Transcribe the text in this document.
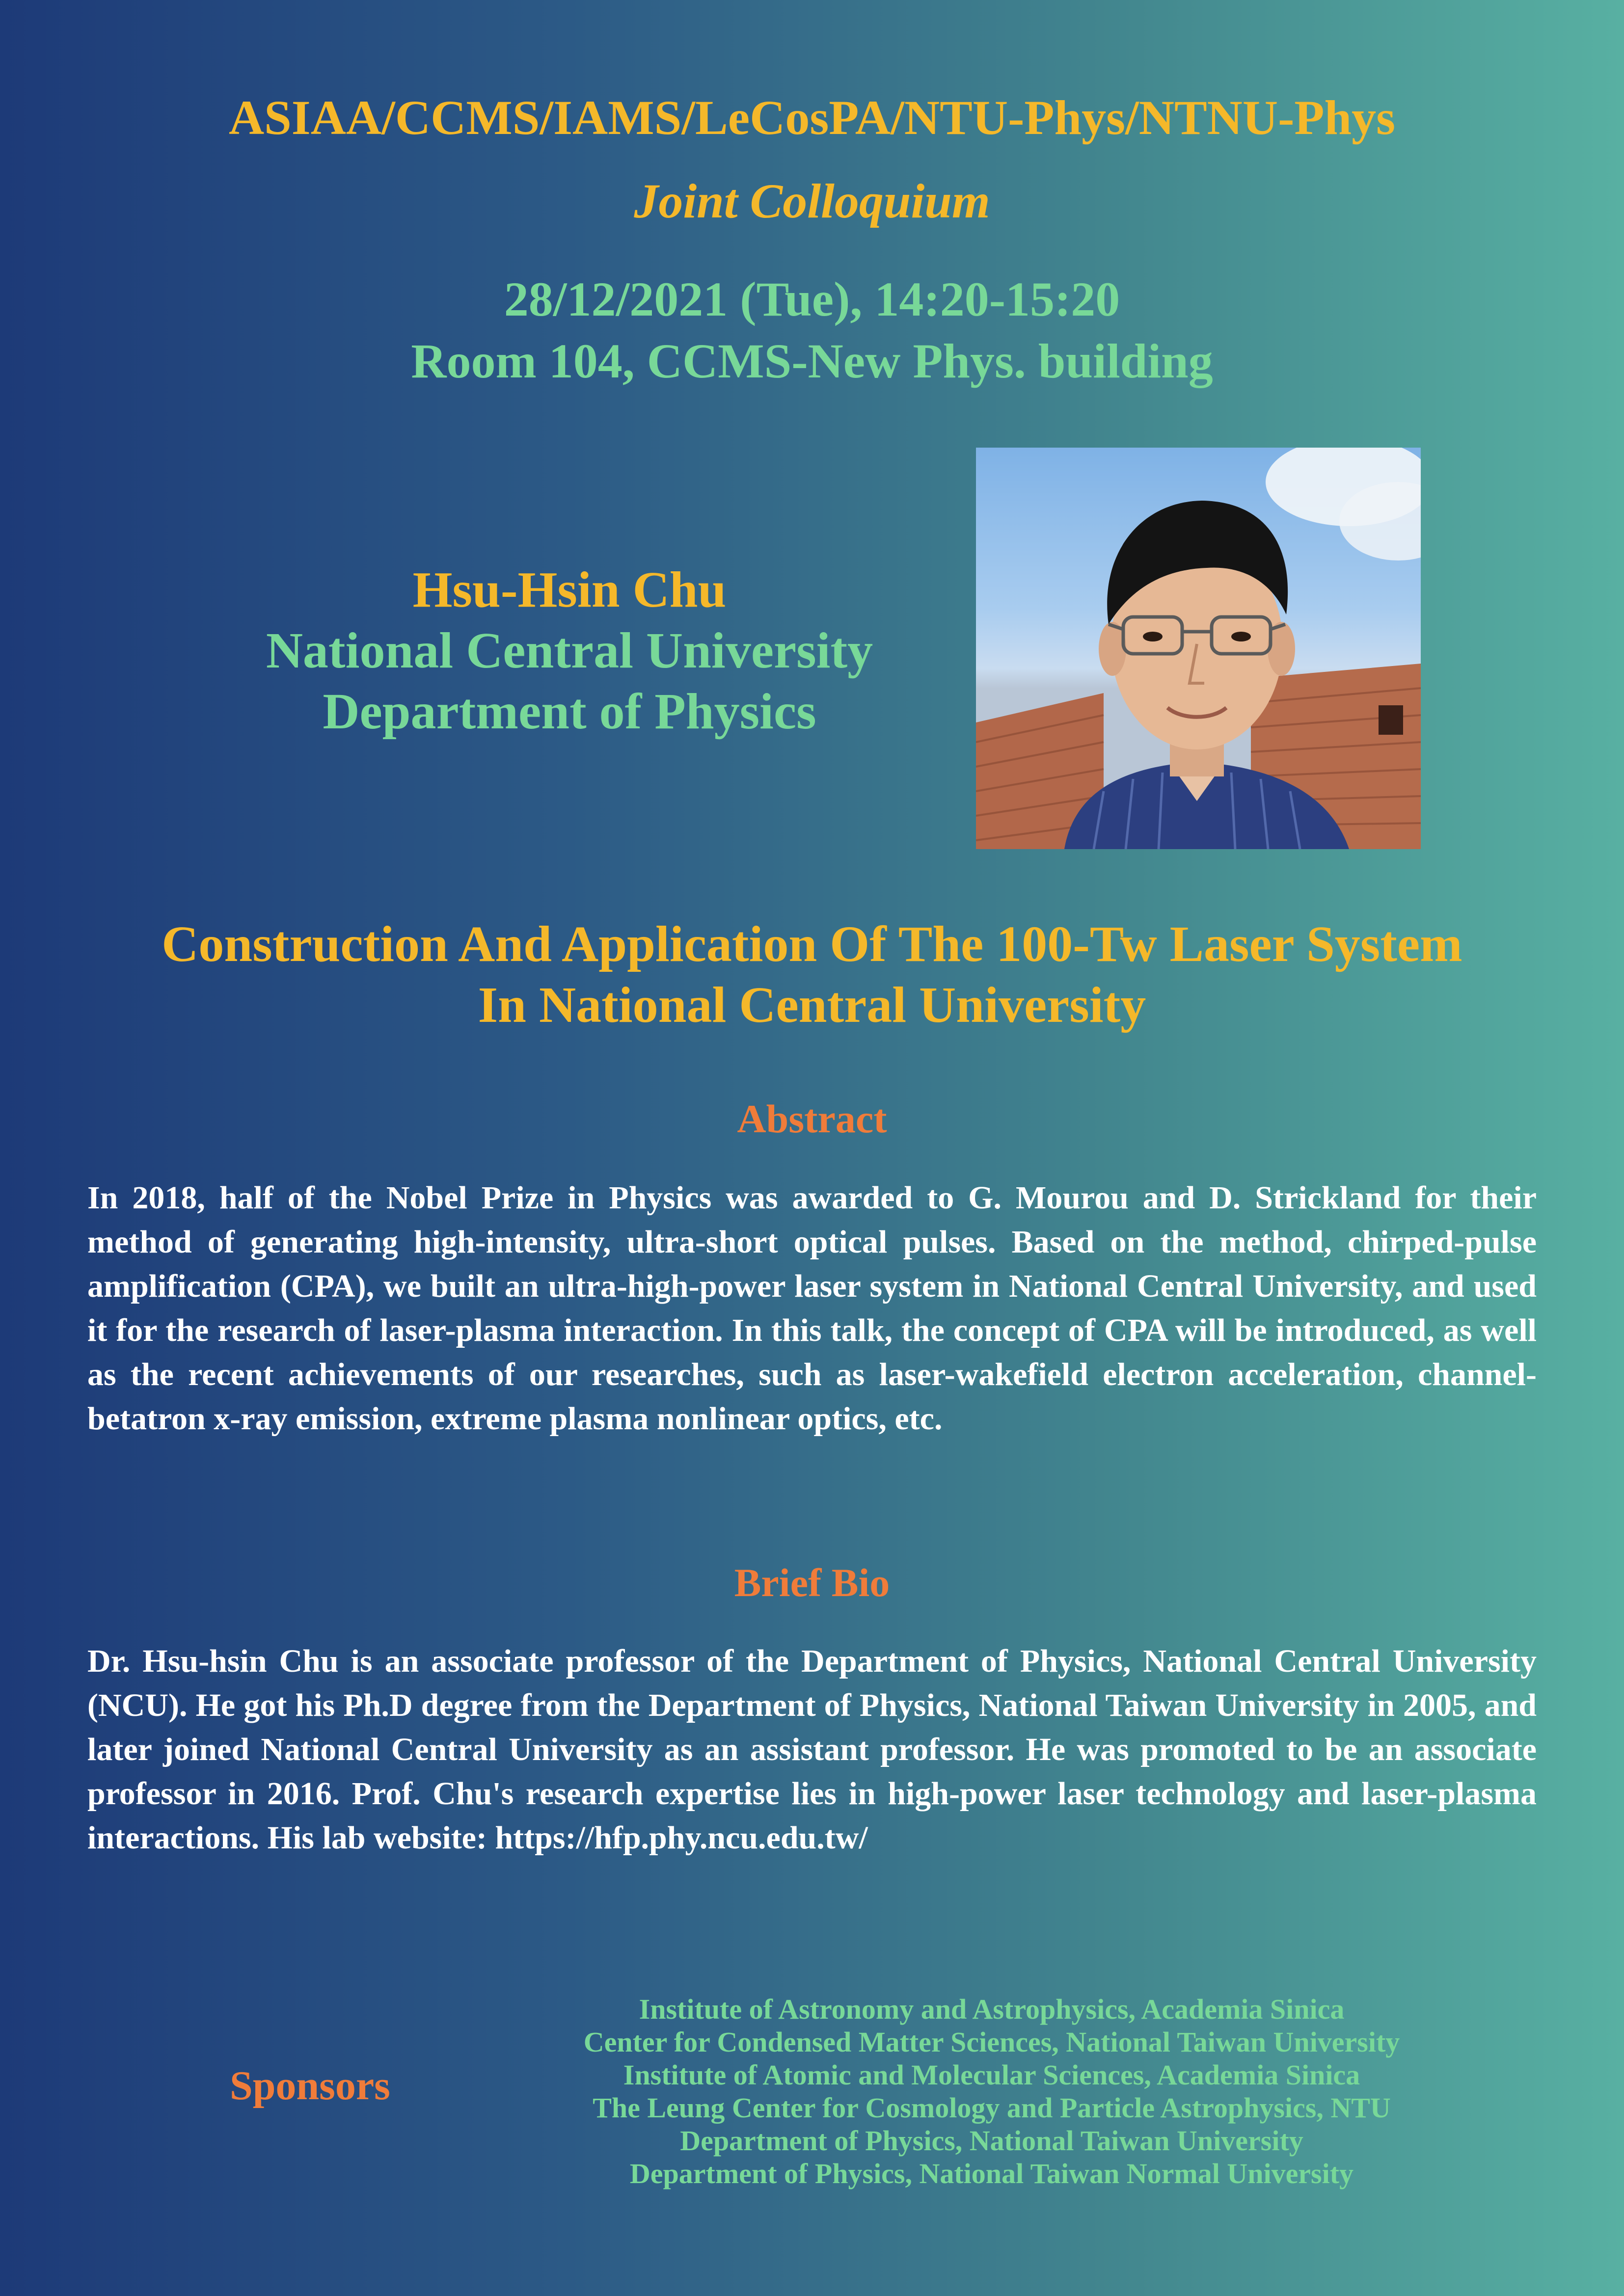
ASIAA/CCMS/IAMS/LeCosPA/NTU-Phys/NTNU-Phys
Joint Colloquium
28/12/2021 (Tue), 14:20-15:20
Room 104, CCMS-New Phys. building
Hsu-Hsin Chu
National Central University
Department of Physics
Construction And Application Of The 100-Tw Laser System
In National Central University
Abstract

In 2018, half of the Nobel Prize in Physics was awarded to G. Mourou and D. Strickland for their method of generating high-intensity, ultra-short optical pulses. Based on the method, chirped-pulse amplification (CPA), we built an ultra-high-power laser system in National Central University, and used it for the research of laser-plasma interaction. In this talk, the concept of CPA will be introduced, as well as the recent achievements of our researches, such as laser-wakefield electron acceleration, channel-betatron x-ray emission, extreme plasma nonlinear optics, etc.

Brief Bio

Dr. Hsu-hsin Chu is an associate professor of the Department of Physics, National Central University (NCU). He got his Ph.D degree from the Department of Physics, National Taiwan University in 2005, and later joined National Central University as an assistant professor. He was promoted to be an associate professor in 2016. Prof. Chu's research expertise lies in high-power laser technology and laser-plasma interactions. His lab website: https://hfp.phy.ncu.edu.tw/

Sponsors
Institute of Astronomy and Astrophysics, Academia Sinica
Center for Condensed Matter Sciences, National Taiwan University
Institute of Atomic and Molecular Sciences, Academia Sinica
The Leung Center for Cosmology and Particle Astrophysics, NTU
Department of Physics, National Taiwan University
Department of Physics, National Taiwan Normal University
